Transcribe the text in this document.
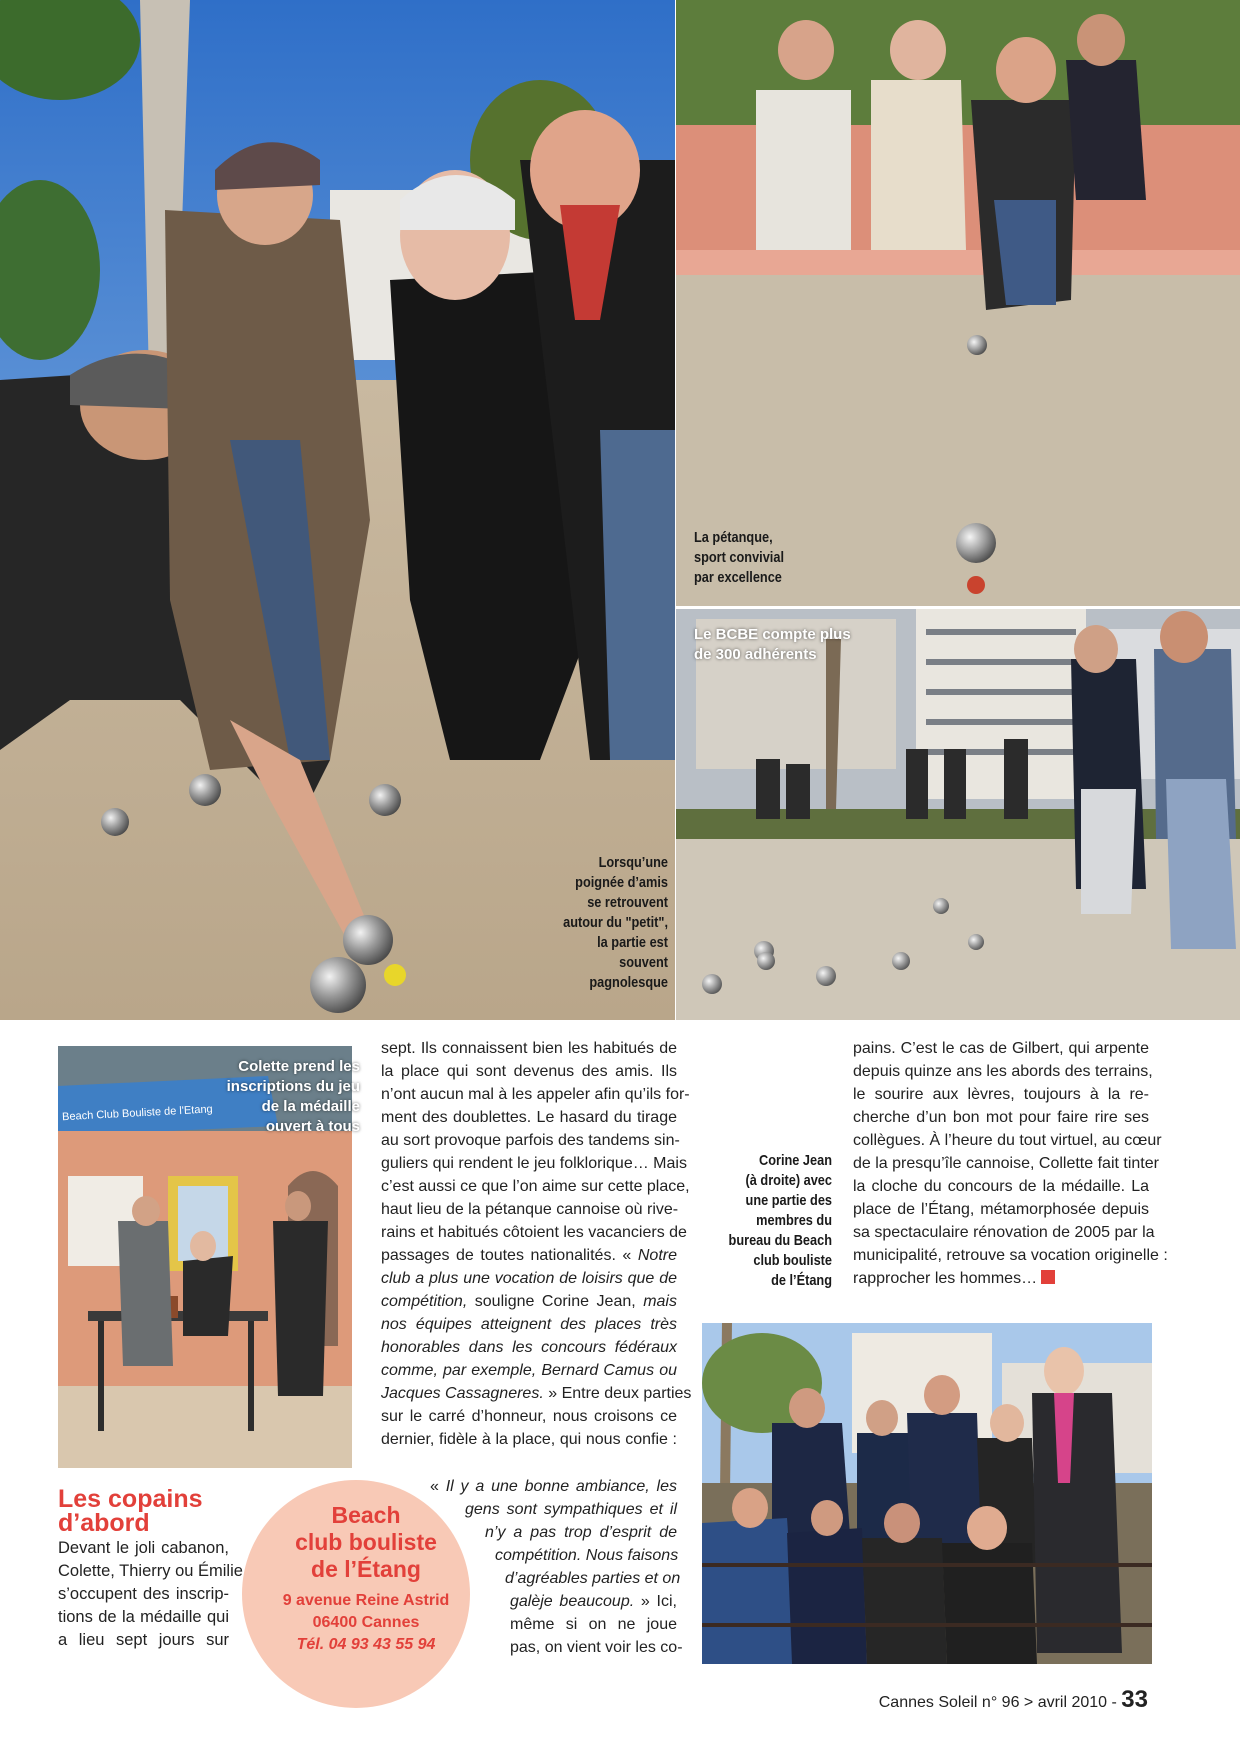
Beach Club Bouliste de l'Etang
Lorsqu’une
poignée d’amis
se retrouvent
autour du "petit",
la partie est
souvent
pagnolesque
La pétanque,
sport convivial
par excellence
Le BCBE compte plus
de 300 adhérents
Colette prend les
inscriptions du jeu
de la médaille
ouvert à tous
Corine Jean
(à droite) avec
une partie des
membres du
bureau du Beach
club bouliste
de l’Étang
Les copains
d’abord
Devant le joli cabanon,
Colette, Thierry ou Émilie
s’occupent des inscrip-
tions de la médaille qui
a lieu sept jours sur
sept. Ils connaissent bien les habitués de
la place qui sont devenus des amis. Ils
n’ont aucun mal à les appeler afin qu’ils for-
ment des doublettes. Le hasard du tirage
au sort provoque parfois des tandems sin-
guliers qui rendent le jeu folklorique… Mais
c’est aussi ce que l’on aime sur cette place,
haut lieu de la pétanque cannoise où rive-
rains et habitués côtoient les vacanciers de
passages de toutes nationalités. « Notre
club a plus une vocation de loisirs que de
compétition, souligne Corine Jean, mais
nos équipes atteignent des places très
honorables dans les concours fédéraux
comme, par exemple, Bernard Camus ou
Jacques Cassagneres. » Entre deux parties
sur le carré d’honneur, nous croisons ce
dernier, fidèle à la place, qui nous confie :
« Il y a une bonne ambiance, les
gens sont sympathiques et il
n’y a pas trop d’esprit de
compétition. Nous faisons
d’agréables parties et on
galèje beaucoup. » Ici,
même si on ne joue
pas, on vient voir les co-
pains. C’est le cas de Gilbert, qui arpente
depuis quinze ans les abords des terrains,
le sourire aux lèvres, toujours à la re-
cherche d’un bon mot pour faire rire ses
collègues. À l’heure du tout virtuel, au cœur
de la presqu’île cannoise, Collette fait tinter
la cloche du concours de la médaille. La
place de l’Étang, métamorphosée depuis
sa spectaculaire rénovation de 2005 par la
municipalité, retrouve sa vocation originelle :
rapprocher les hommes…
Beach
club bouliste
de l’Étang
9 avenue Reine Astrid
06400 Cannes
Tél. 04 93 43 55 94
Cannes Soleil n° 96 > avril 2010 - 33
